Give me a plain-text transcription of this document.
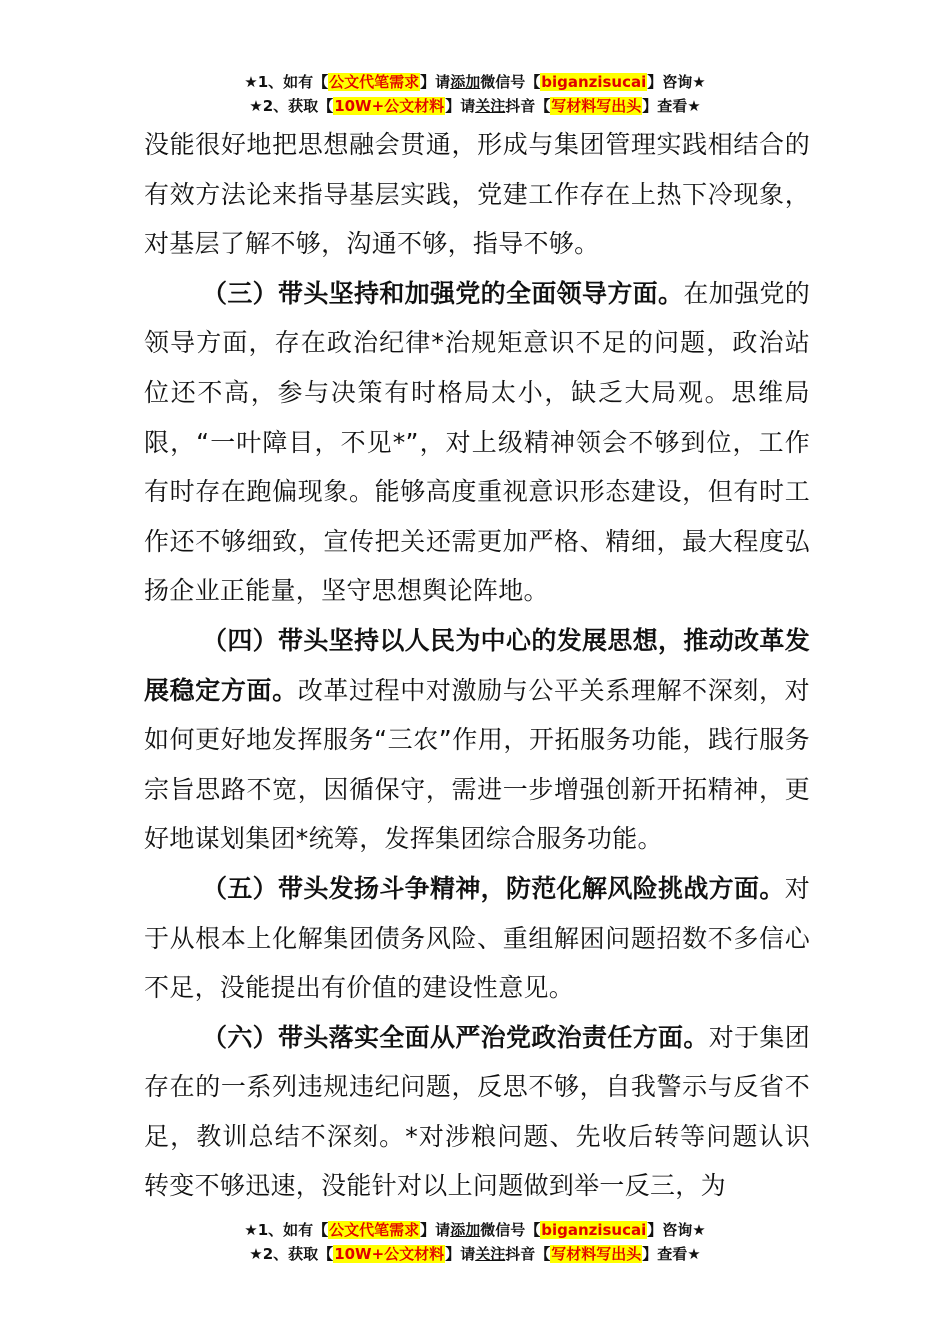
★1、如有【公文代笔需求】请添加微信号【biganzisucai】咨询★
★2、获取【10W+公文材料】请关注抖音【写材料写出头】查看★

没能很好地把思想融会贯通，形成与集团管理实践相结合的有效方法论来指导基层实践，党建工作存在上热下冷现象，对基层了解不够，沟通不够，指导不够。

（三）带头坚持和加强党的全面领导方面。在加强党的领导方面，存在政治纪律*治规矩意识不足的问题，政治站位还不高，参与决策有时格局太小，缺乏大局观。思维局限，“一叶障目，不见*”，对上级精神领会不够到位，工作有时存在跑偏现象。能够高度重视意识形态建设，但有时工作还不够细致，宣传把关还需更加严格、精细，最大程度弘扬企业正能量，坚守思想舆论阵地。

（四）带头坚持以人民为中心的发展思想，推动改革发展稳定方面。改革过程中对激励与公平关系理解不深刻，对如何更好地发挥服务“三农”作用，开拓服务功能，践行服务宗旨思路不宽，因循保守，需进一步增强创新开拓精神，更好地谋划集团*统筹，发挥集团综合服务功能。

（五）带头发扬斗争精神，防范化解风险挑战方面。对于从根本上化解集团债务风险、重组解困问题招数不多信心不足，没能提出有价值的建设性意见。

（六）带头落实全面从严治党政治责任方面。对于集团存在的一系列违规违纪问题，反思不够，自我警示与反省不足，教训总结不深刻。*对涉粮问题、先收后转等问题认识转变不够迅速，没能针对以上问题做到举一反三，为

★1、如有【公文代笔需求】请添加微信号【biganzisucai】咨询★
★2、获取【10W+公文材料】请关注抖音【写材料写出头】查看★
